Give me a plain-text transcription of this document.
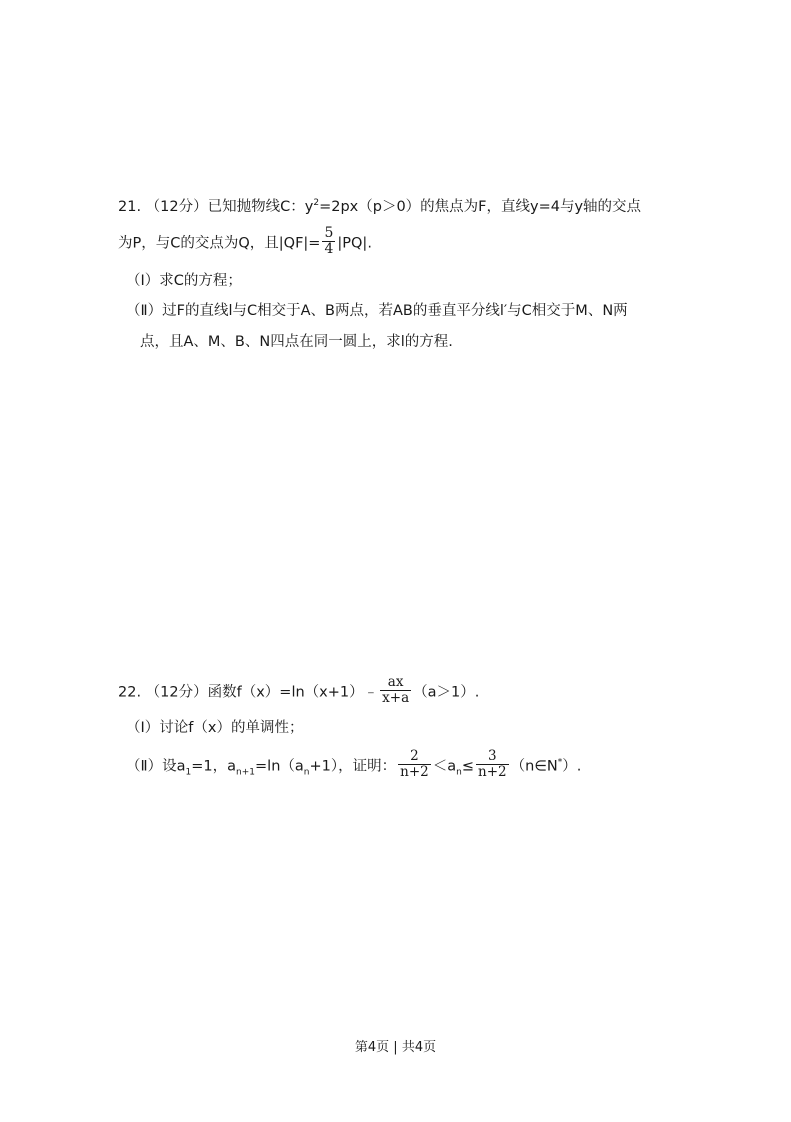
21. （12分）已知抛物线C：$y^2=2px(p>0)$的焦点为F，直线y=4与y轴的交点
为P，与C的交点为Q，且$|QF|= \frac{5}{4} |PQ|$.
（Ⅰ）求C的方程；
（Ⅱ）过F的直线l与C相交于A、B两点，若AB的垂直平分线l′与C相交于M、N两
点，且A、M、B、N四点在同一圆上，求l的方程.
22. （12分）函数f（x）=ln（x+1）﹣ $\frac{ax}{x+a} (a>1)$.
（Ⅰ）讨论f（x）的单调性；
（Ⅱ）设$a_1=1$，$a_{n+1}=\ln(a_n+1)$，证明： $\frac{2}{n+2} <a_n\le \frac{3}{n+2}$ （n∈N*）.
第4页 | 共4页
